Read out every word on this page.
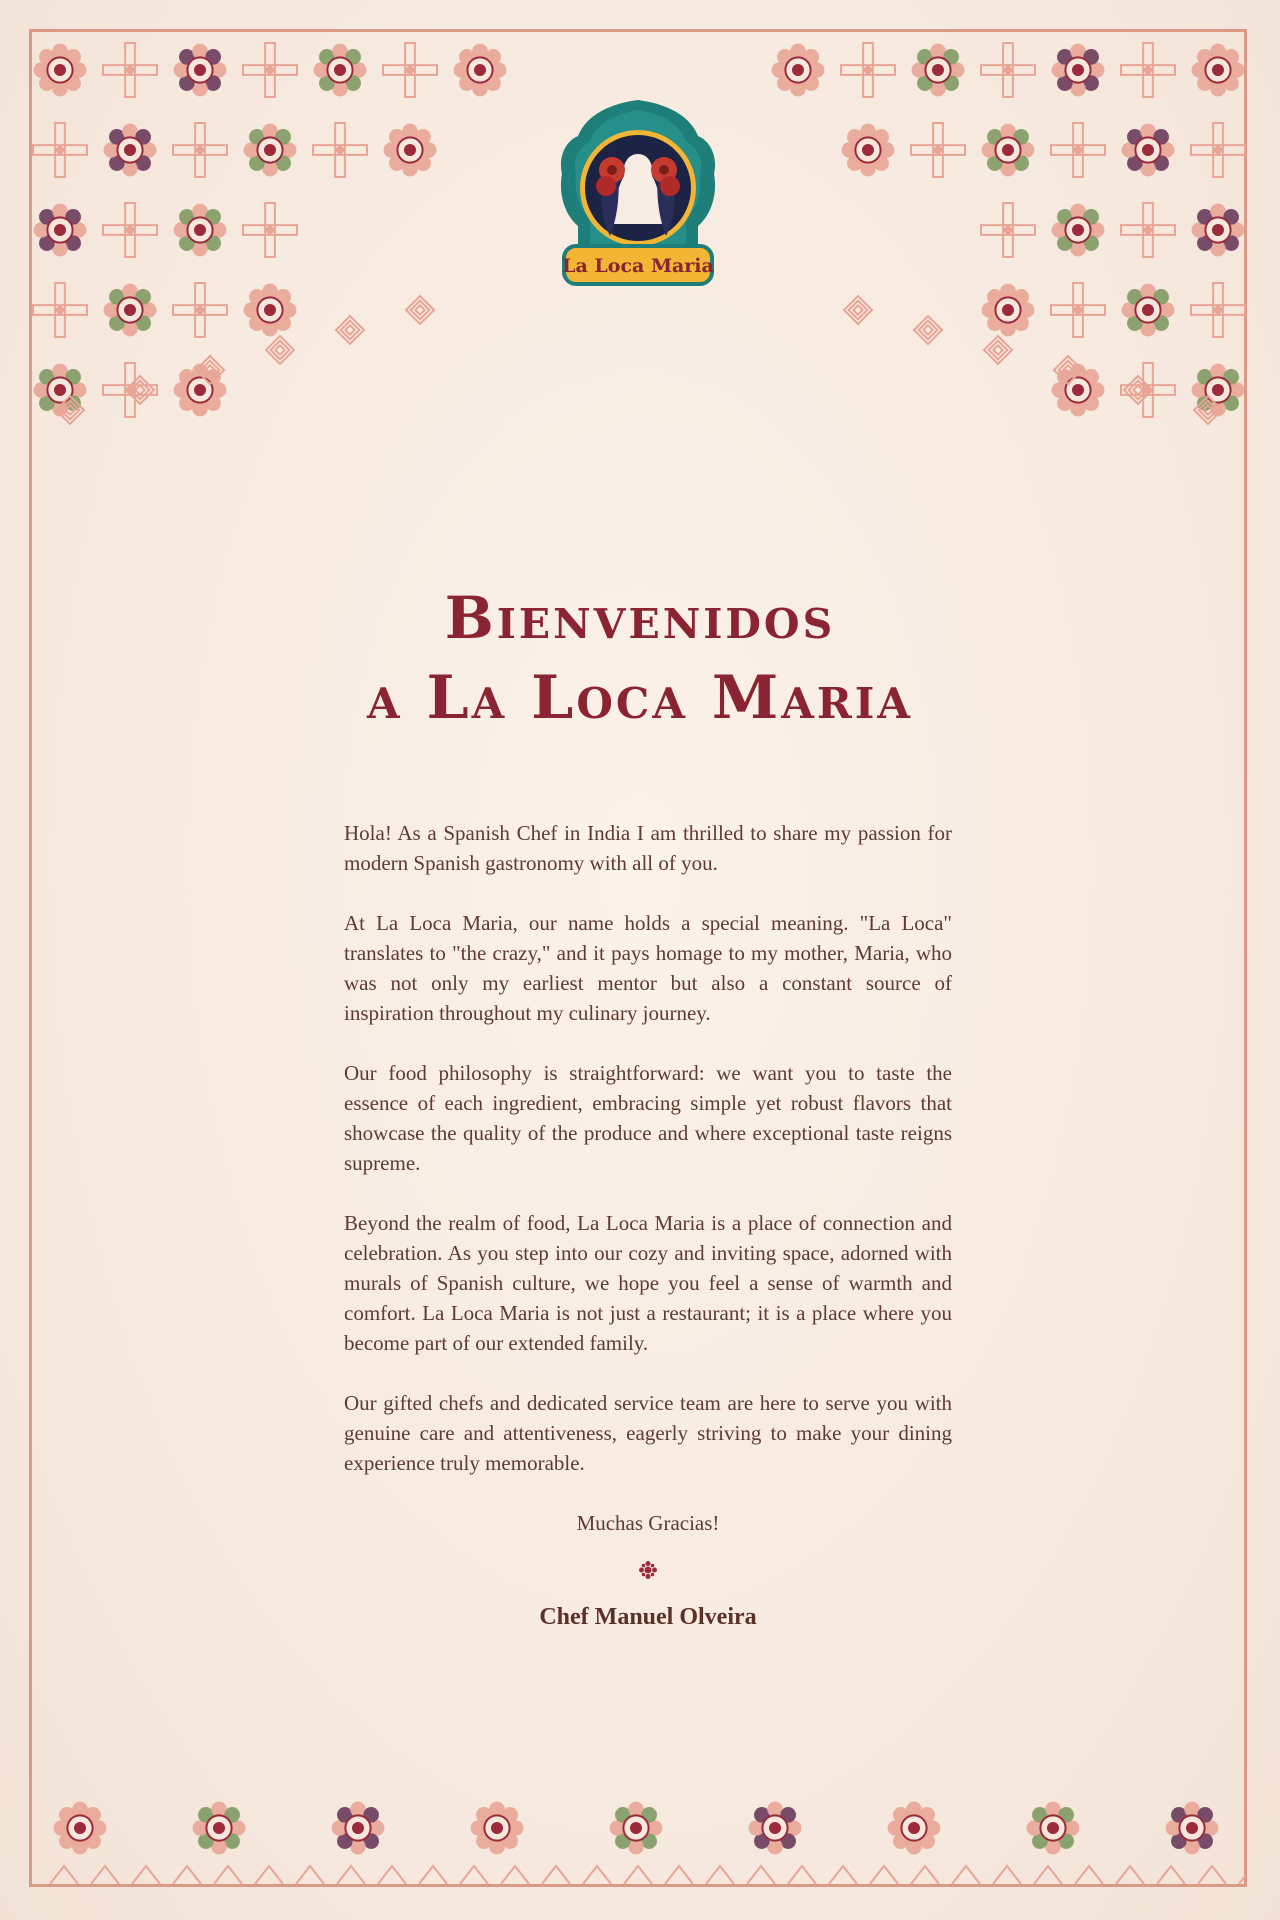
La Loca Maria
Bienvenidos
a La Loca Maria

Hola! As a Spanish Chef in India I am thrilled to share my passion for modern Spanish gastronomy with all of you.

At La Loca Maria, our name holds a special meaning. "La Loca" translates to "the crazy," and it pays homage to my mother, Maria, who was not only my earliest mentor but also a constant source of inspiration throughout my culinary journey.

Our food philosophy is straightforward: we want you to taste the essence of each ingredient, embracing simple yet robust flavors that showcase the quality of the produce and where exceptional taste reigns supreme.

Beyond the realm of food, La Loca Maria is a place of connection and celebration. As you step into our cozy and inviting space, adorned with murals of Spanish culture, we hope you feel a sense of warmth and comfort. La Loca Maria is not just a restaurant; it is a place where you become part of our extended family.

Our gifted chefs and dedicated service team are here to serve you with genuine care and attentiveness, eagerly striving to make your dining experience truly memorable.

Muchas Gracias!
Chef Manuel Olveira
